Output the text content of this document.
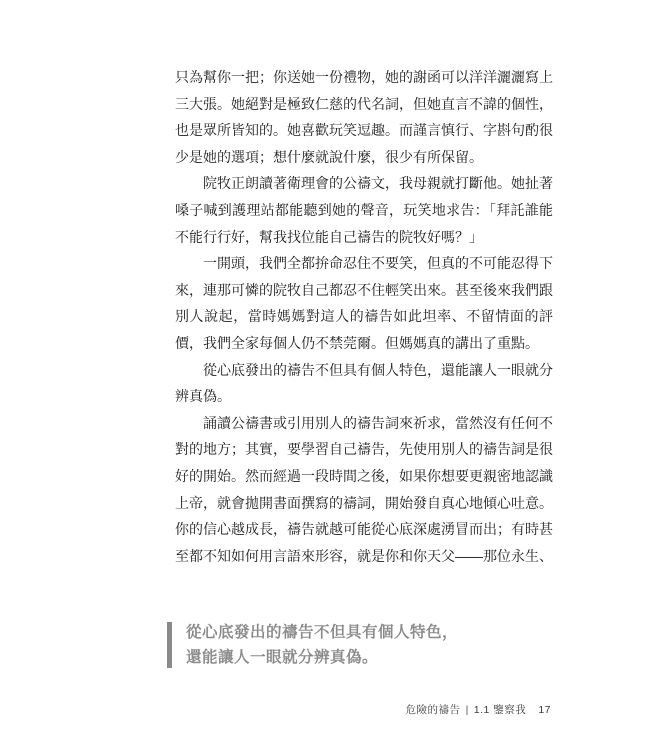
只為幫你一把；你送她一份禮物，她的謝函可以洋洋灑灑寫上三大張。她絕對是極致仁慈的代名詞，但她直言不諱的個性，也是眾所皆知的。她喜歡玩笑逗趣。而謹言慎行、字斟句酌很少是她的選項；想什麼就說什麼，很少有所保留。

院牧正朗讀著衛理會的公禱文，我母親就打斷他。她扯著嗓子喊到護理站都能聽到她的聲音，玩笑地求告：「拜託誰能不能行行好，幫我找位能自己禱告的院牧好嗎？」

一開頭，我們全都拚命忍住不要笑，但真的不可能忍得下來，連那可憐的院牧自己都忍不住輕笑出來。甚至後來我們跟別人說起，當時媽媽對這人的禱告如此坦率、不留情面的評價，我們全家每個人仍不禁莞爾。但媽媽真的講出了重點。

從心底發出的禱告不但具有個人特色，還能讓人一眼就分辨真偽。

誦讀公禱書或引用別人的禱告詞來祈求，當然沒有任何不對的地方；其實，要學習自己禱告，先使用別人的禱告詞是很好的開始。然而經過一段時間之後，如果你想要更親密地認識上帝，就會拋開書面撰寫的禱詞，開始發自真心地傾心吐意。你的信心越成長，禱告就越可能從心底深處湧冒而出；有時甚至都不知如何用言語來形容，就是你和你天父——那位永生、

從心底發出的禱告不但具有個人特色，
還能讓人一眼就分辨真偽。
危險的禱告 | 1.1 鑒察我 17
